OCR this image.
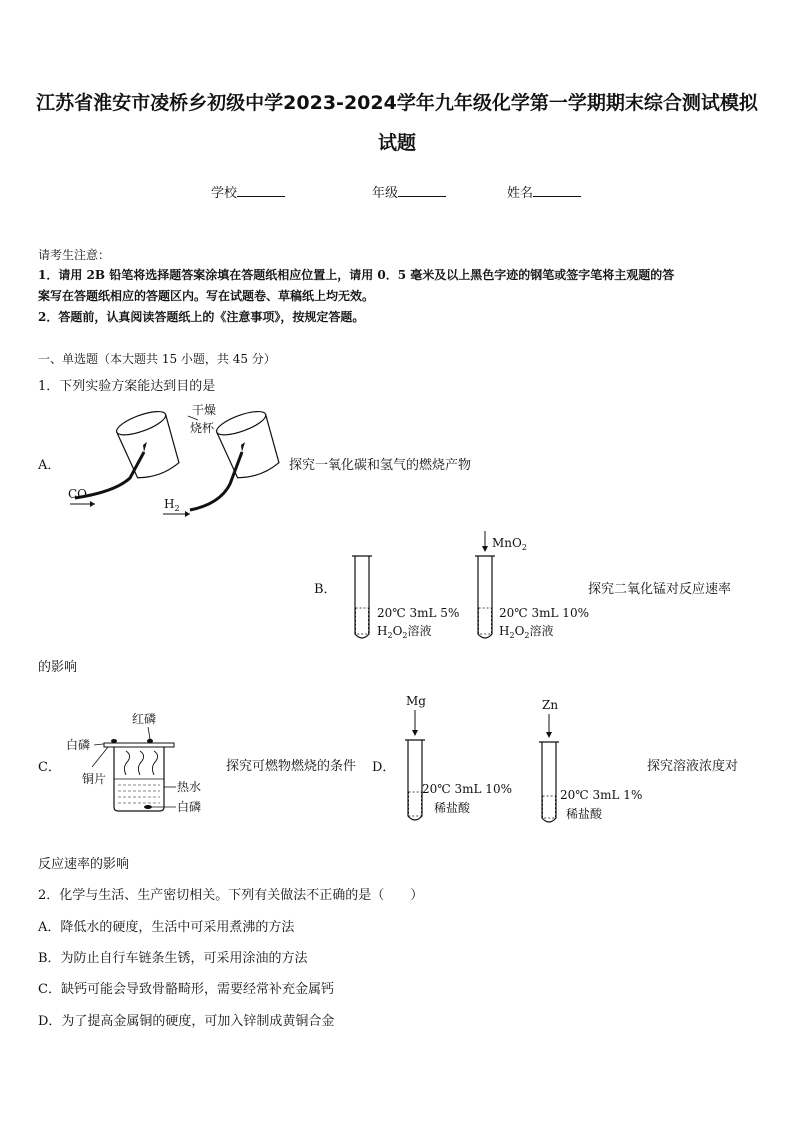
江苏省淮安市凌桥乡初级中学2023-2024学年九年级化学第一学期期末综合测试模拟
试题
学校	年级	姓名
请考生注意：
1．请用 2B 铅笔将选择题答案涂填在答题纸相应位置上，请用 0．5 毫米及以上黑色字迹的钢笔或签字笔将主观题的答
案写在答题纸相应的答题区内。写在试题卷、草稿纸上均无效。
2．答题前，认真阅读答题纸上的《注意事项》，按规定答题。
一、单选题（本大题共 15 小题，共 45 分）
1．下列实验方案能达到目的是
A．
CO
$H_2$
干燥
烧杯
探究一氧化碳和氢气的燃烧产物
B．
20℃ 3mL 5%
$H_2O_2$溶液
MnO$_2$
20℃ 3mL 10%
$H_2O_2$溶液
探究二氧化锰对反应速率
的影响
C．
红磷
白磷
铜片
热水
白磷
探究可燃物燃烧的条件 D．
Mg
20℃ 3mL 10%
稀盐酸
Zn
20℃ 3mL 1%
稀盐酸
探究溶液浓度对
反应速率的影响
2．化学与生活、生产密切相关。下列有关做法不正确的是（　　）
A．降低水的硬度，生活中可采用煮沸的方法
B．为防止自行车链条生锈，可采用涂油的方法
C．缺钙可能会导致骨骼畸形，需要经常补充金属钙
D．为了提高金属铜的硬度，可加入锌制成黄铜合金
